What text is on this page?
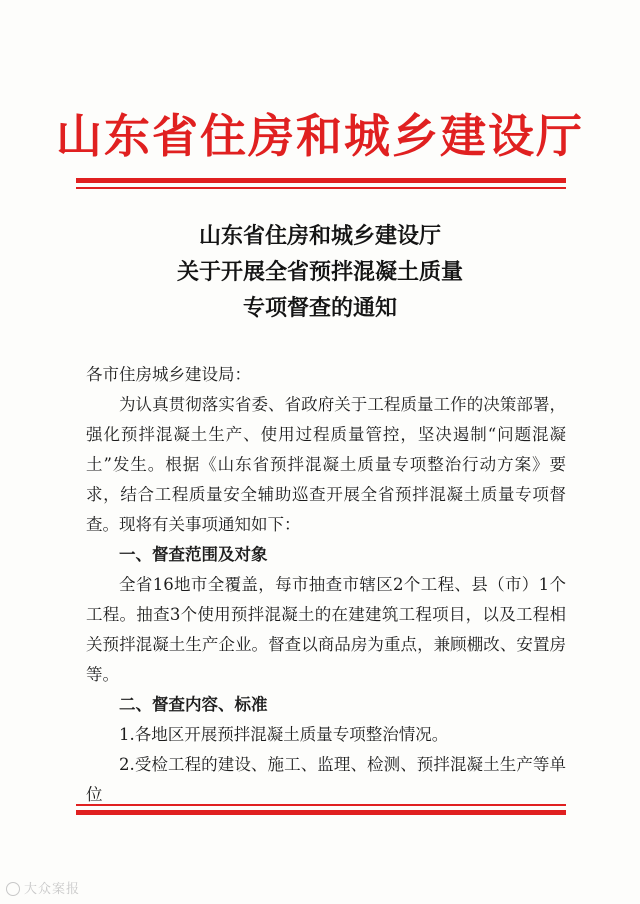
山东省住房和城乡建设厅
山东省住房和城乡建设厅
关于开展全省预拌混凝土质量
专项督查的通知

各市住房城乡建设局：

为认真贯彻落实省委、省政府关于工程质量工作的决策部署，强化预拌混凝土生产、使用过程质量管控，坚决遏制“问题混凝土”发生。根据《山东省预拌混凝土质量专项整治行动方案》要求，结合工程质量安全辅助巡查开展全省预拌混凝土质量专项督查。现将有关事项通知如下：

一、督查范围及对象

全省16地市全覆盖，每市抽查市辖区2个工程、县（市）1个工程。抽查3个使用预拌混凝土的在建建筑工程项目，以及工程相关预拌混凝土生产企业。督查以商品房为重点，兼顾棚改、安置房等。

二、督查内容、标准

1.各地区开展预拌混凝土质量专项整治情况。

2.受检工程的建设、施工、监理、检测、预拌混凝土生产等单位

大众案报
